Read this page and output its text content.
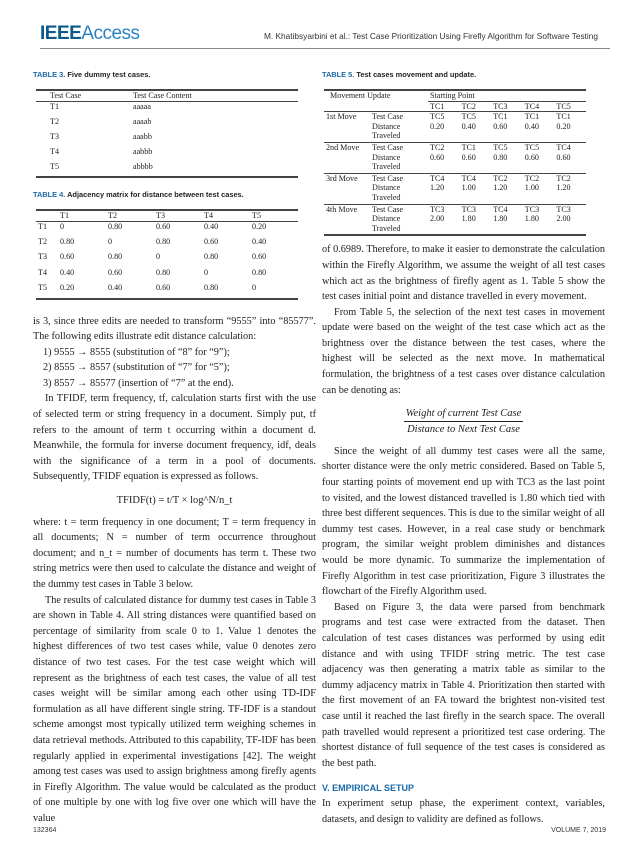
IEEEAccess	M. Khatibsyarbini et al.: Test Case Prioritization Using Firefly Algorithm for Software Testing
TABLE 3. Five dummy test cases.
Test Case	Test Case Content
T1	aaaaa
T2	aaaab
T3	aaabb
T4	aabbb
T5	abbbb
TABLE 4. Adjacency matrix for distance between test cases.
	T1	T2	T3	T4	T5
T1	0	0.80	0.60	0.40	0.20
T2	0.80	0	0.80	0.60	0.40
T3	0.60	0.80	0	0.80	0.60
T4	0.40	0.60	0.80	0	0.80
T5	0.20	0.40	0.60	0.80	0

is 3, since three edits are needed to transform “9555” into “85577”. The following edits illustrate edit distance calculation:

1) 9555 → 8555 (substitution of “8” for “9”);
2) 8555 → 8557 (substitution of “7” for “5”);
3) 8557 → 85577 (insertion of “7” at the end).

In TFIDF, term frequency, tf, calculation starts first with the use of selected term or string frequency in a document. Simply put, tf refers to the amount of term t occurring within a document d. Meanwhile, the formula for inverse document frequency, idf, deals with the significance of a term in a pool of documents. Subsequently, TFIDF equation is expressed as follows.

TFIDF(t) = t/T × log^N/n_t

where: t = term frequency in one document; T = term frequency in all documents; N = number of term occurrence throughout document; and n_t = number of documents has term t. These two string metrics were then used to calculate the distance and weight of the dummy test cases in Table 3 below.

The results of calculated distance for dummy test cases in Table 3 are shown in Table 4. All string distances were quantified based on percentage of similarity from scale 0 to 1. Value 1 denotes the highest differences of two test cases while, value 0 denotes zero distance of two test cases. For the test case weight which will represent as the brightness of each test cases, the value of all test cases weight will be similar among each other using TD-IDF formulation as all have different single string. TF-IDF is a standout scheme amongst most typically utilized term weighing schemes in data retrieval methods. Attributed to this capability, TF-IDF has been regularly applied in experimental investigations [42]. The weight among test cases was used to assign brightness among firefly agents in Firefly Algorithm. The value would be calculated as the product of one multiple by one with log five over one which will have the value

TABLE 5. Test cases movement and update.
Movement Update		Starting Point				
		TC1	TC2	TC3	TC4	TC5
1st Move	Test Case	TC5	TC5	TC1	TC1	TC1
	Distance Traveled	0.20	0.40	0.60	0.40	0.20
2nd Move	Test Case	TC2	TC1	TC5	TC5	TC4
	Distance Traveled	0.60	0.60	0.80	0.60	0.60
3rd Move	Test Case	TC4	TC4	TC2	TC2	TC2
	Distance Traveled	1.20	1.00	1.20	1.00	1.20
4th Move	Test Case	TC3	TC3	TC4	TC3	TC3
	Distance Traveled	2.00	1.80	1.80	1.80	2.00

of 0.6989. Therefore, to make it easier to demonstrate the calculation within the Firefly Algorithm, we assume the weight of all test cases which act as the brightness of firefly agent as 1. Table 5 show the test cases initial point and distance travelled in every movement.

From Table 5, the selection of the next test cases in movement update were based on the weight of the test case which act as the brightness over the distance between the test cases, where the highest will be selected as the next move. In mathematical formulation, the brightness of a test cases over distance calculation can be denoting as:

$\frac{\text{Weight of current Test Case}}{\text{Distance to Next Test Case}}$

Since the weight of all dummy test cases were all the same, shorter distance were the only metric considered. Based on Table 5, four starting points of movement end up with TC3 as the last point to visited, and the lowest distanced travelled is 1.80 which tied with three best different sequences. This is due to the similar weight of all dummy test cases. However, in a real case study or benchmark program, the similar weight problem diminishes and distances would be more dynamic. To summarize the implementation of Firefly Algorithm in test case prioritization, Figure 3 illustrates the flowchart of the Firefly Algorithm used.

Based on Figure 3, the data were parsed from benchmark programs and test case were extracted from the dataset. Then calculation of test cases distances was performed by using edit distance and with using TFIDF string metric. The test case adjacency was then generating a matrix table as similar to the dummy adjacency matrix in Table 4. Prioritization then started with the first movement of an FA toward the brightest non-visited test case until it reached the last firefly in the search space. The overall path travelled would represent a prioritized test case ordering. The shortest distance of full sequence of the test cases is considered as the best path.

V. EMPIRICAL SETUP

In experiment setup phase, the experiment context, variables, datasets, and design to validity are defined as follows.

132364	VOLUME 7, 2019
